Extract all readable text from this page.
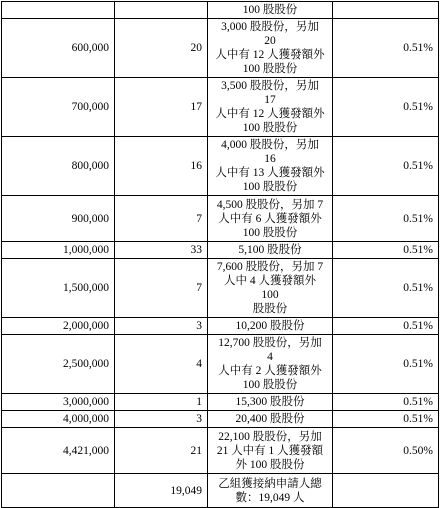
		100 股股份	

600,000	20	3,000 股股份，另加 20
人中有 12 人獲發額外
100 股股份	0.51%
700,000	17	3,500 股股份，另加 17
人中有 12 人獲發額外
100 股股份	0.51%
800,000	16	4,000 股股份，另加 16
人中有 13 人獲發額外
100 股股份	0.51%
900,000	7	4,500 股股份，另加 7
人中有 6 人獲發額外
100 股股份	0.51%
1,000,000	33	5,100 股股份	0.51%
1,500,000	7	7,600 股股份，另加 7
人中 4 人獲發額外 100
股股份	0.51%
2,000,000	3	10,200 股股份	0.51%
2,500,000	4	12,700 股股份，另加 4
人中有 2 人獲發額外
100 股股份	0.51%
3,000,000	1	15,300 股股份	0.51%
4,000,000	3	20,400 股股份	0.51%
4,421,000	21	22,100 股股份，另加
21 人中有 1 人獲發額
外 100 股股份	0.50%
	19,049	乙組獲接納申請人總
數：19,049 人	
